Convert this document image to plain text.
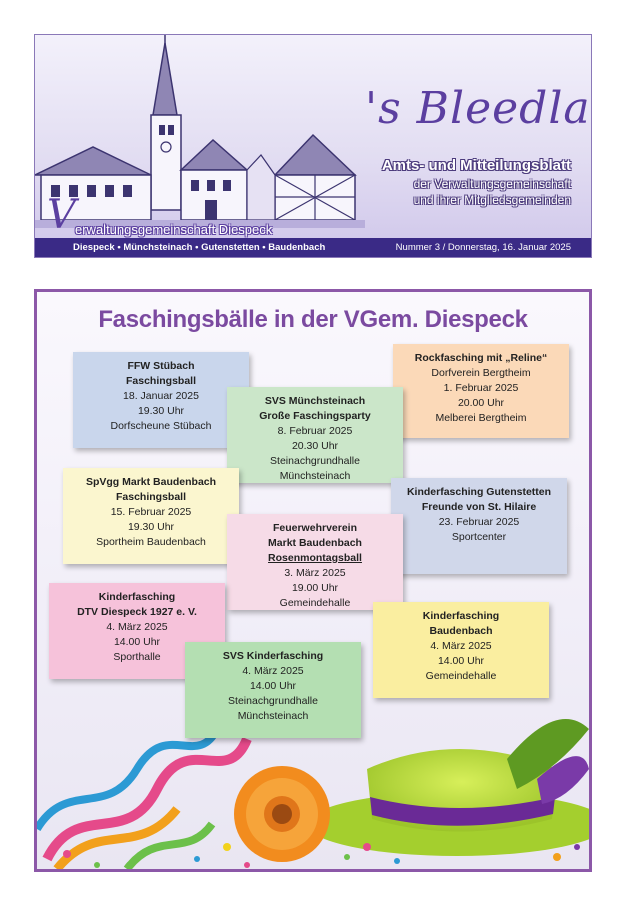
's Bleedla
Amts- und Mitteilungsblatt
der Verwaltungsgemeinschaft
und ihrer Mitgliedsgemeinden
V erwaltungsgemeinschaft Diespeck
Diespeck • Münchsteinach • Gutenstetten • Baudenbach	Nummer 3 / Donnerstag, 16. Januar 2025
Faschingsbälle in der VGem. Diespeck
FFW Stübach
Faschingsball
18. Januar 2025
19.30 Uhr
Dorfscheune Stübach
Rockfasching mit „Reline“
Dorfverein Bergtheim
1. Februar 2025
20.00 Uhr
Melberei Bergtheim
SVS Münchsteinach
Große Faschingsparty
8. Februar 2025
20.30 Uhr
Steinachgrundhalle
Münchsteinach
SpVgg Markt Baudenbach
Faschingsball
15. Februar 2025
19.30 Uhr
Sportheim Baudenbach
Kinderfasching Gutenstetten
Freunde von St. Hilaire
23. Februar 2025
Sportcenter
Feuerwehrverein
Markt Baudenbach
Rosenmontagsball
3. März 2025
19.00 Uhr
Gemeindehalle
Kinderfasching
DTV Diespeck 1927 e. V.
4. März 2025
14.00 Uhr
Sporthalle
Kinderfasching
Baudenbach
4. März 2025
14.00 Uhr
Gemeindehalle
SVS Kinderfasching
4. März 2025
14.00 Uhr
Steinachgrundhalle
Münchsteinach
